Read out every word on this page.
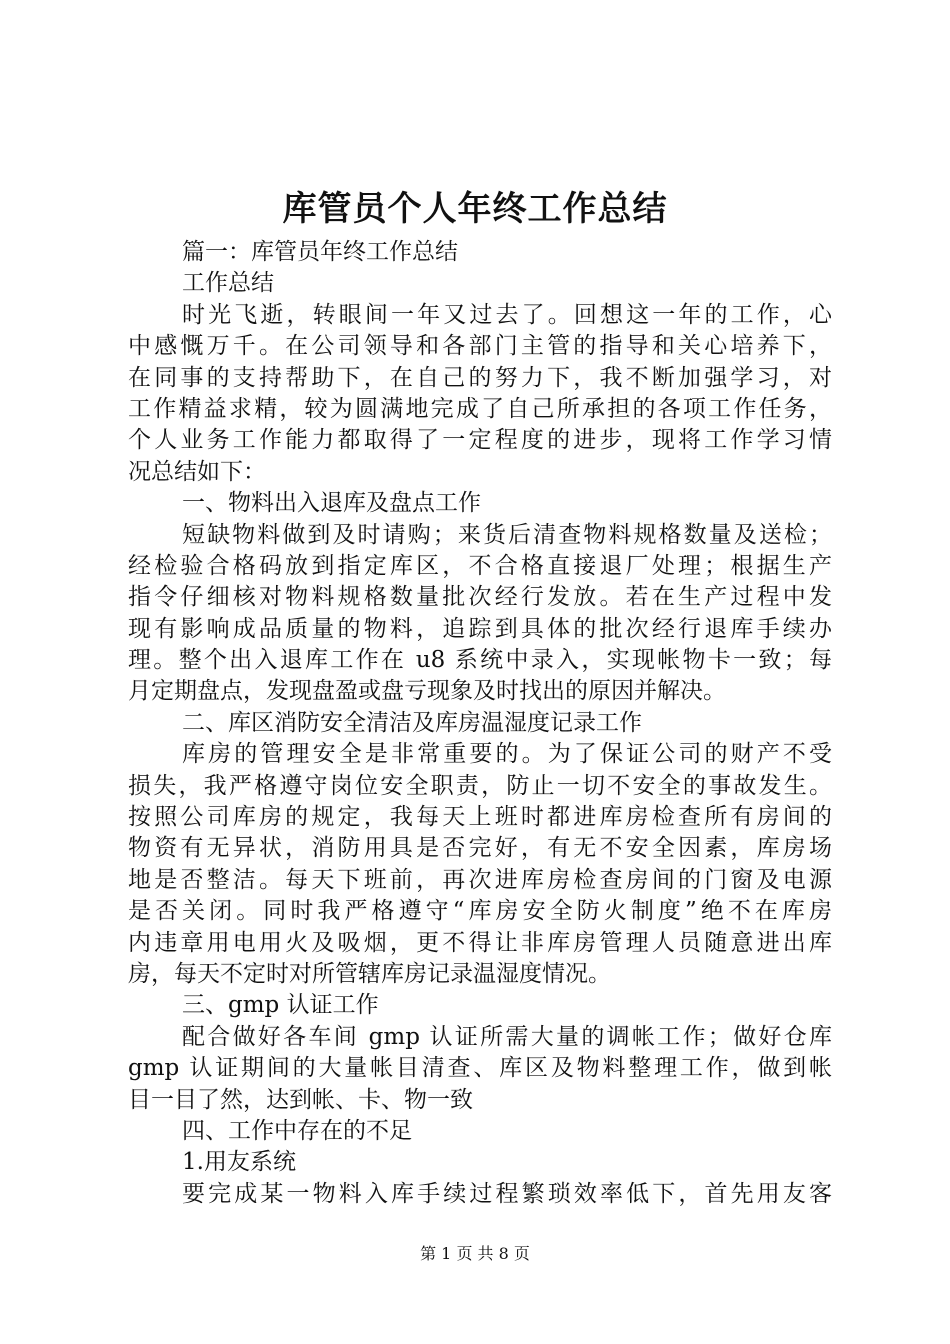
库管员个人年终工作总结
篇一：库管员年终工作总结
工作总结
时光飞逝，转眼间一年又过去了。回想这一年的工作，心
中感慨万千。在公司领导和各部门主管的指导和关心培养下，
在同事的支持帮助下，在自己的努力下，我不断加强学习，对
工作精益求精，较为圆满地完成了自己所承担的各项工作任务，
个人业务工作能力都取得了一定程度的进步，现将工作学习情
况总结如下：
一、物料出入退库及盘点工作
短缺物料做到及时请购；来货后清查物料规格数量及送检；
经检验合格码放到指定库区，不合格直接退厂处理；根据生产
指令仔细核对物料规格数量批次经行发放。若在生产过程中发
现有影响成品质量的物料，追踪到具体的批次经行退库手续办
理。整个出入退库工作在 u8 系统中录入，实现帐物卡一致；每
月定期盘点，发现盘盈或盘亏现象及时找出的原因并解决。
二、库区消防安全清洁及库房温湿度记录工作
库房的管理安全是非常重要的。为了保证公司的财产不受
损失，我严格遵守岗位安全职责，防止一切不安全的事故发生。
按照公司库房的规定，我每天上班时都进库房检查所有房间的
物资有无异状，消防用具是否完好，有无不安全因素，库房场
地是否整洁。每天下班前，再次进库房检查房间的门窗及电源
是否关闭。同时我严格遵守“库房安全防火制度”绝不在库房
内违章用电用火及吸烟，更不得让非库房管理人员随意进出库
房，每天不定时对所管辖库房记录温湿度情况。
三、gmp 认证工作
配合做好各车间 gmp 认证所需大量的调帐工作；做好仓库
gmp 认证期间的大量帐目清查、库区及物料整理工作，做到帐
目一目了然，达到帐、卡、物一致
四、工作中存在的不足
1.用友系统
要完成某一物料入库手续过程繁琐效率低下，首先用友客
第 1 页 共 8 页
